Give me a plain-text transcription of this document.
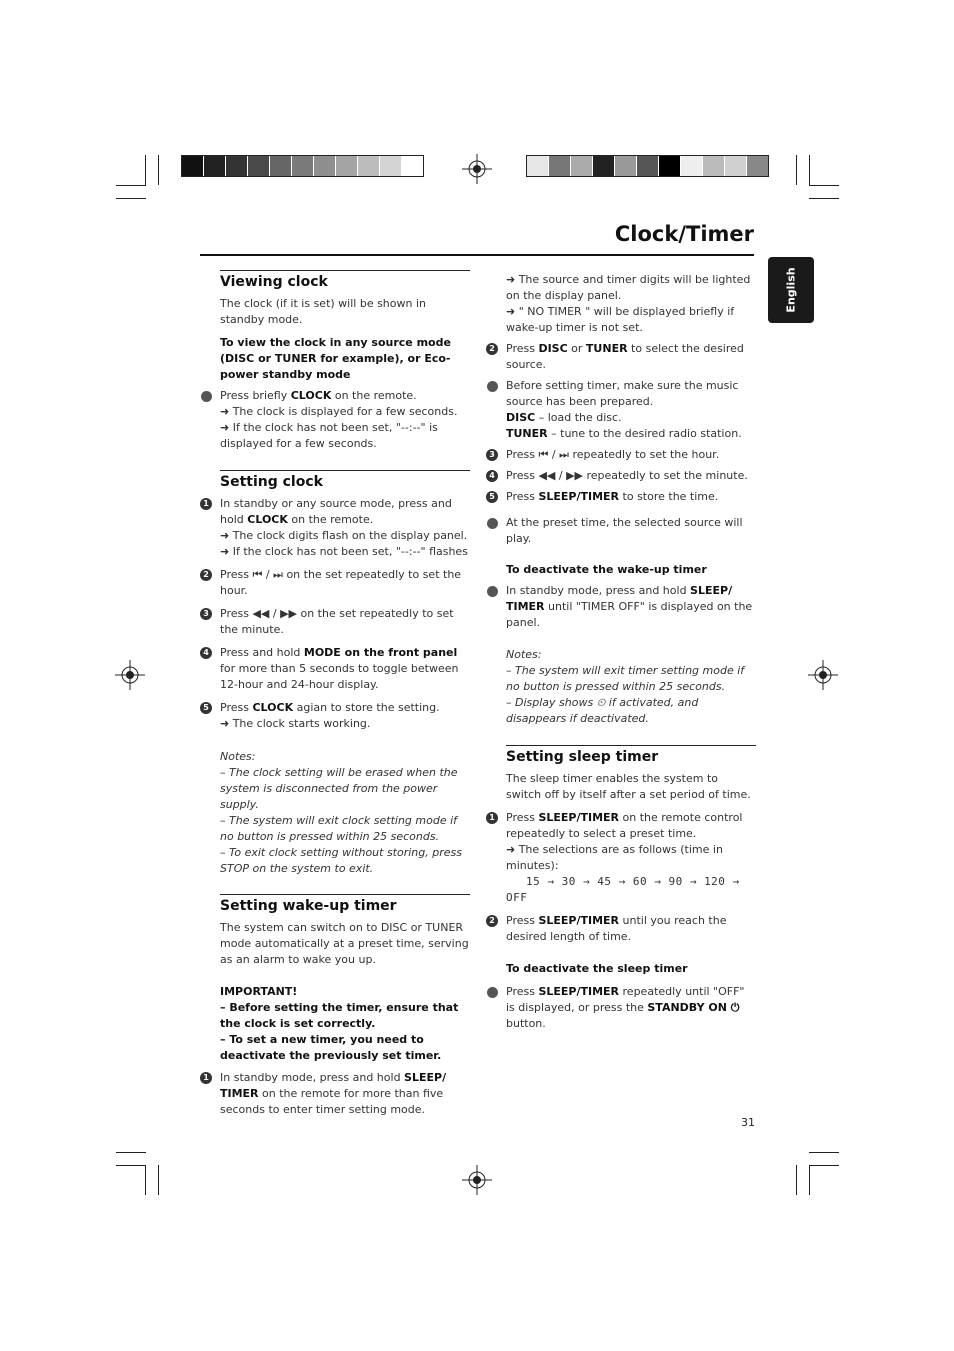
Clock/Timer
English
Viewing clock
The clock (if it is set) will be shown in standby mode.
To view the clock in any source mode (DISC or TUNER for example), or Eco-power standby mode
Press briefly CLOCK on the remote.
➜ The clock is displayed for a few seconds.
➜ If the clock has not been set, "--:--" is displayed for a few seconds.
Setting clock
1 In standby or any source mode, press and hold CLOCK on the remote.
➜ The clock digits flash on the display panel.
➜ If the clock has not been set, "--:--" flashes
2 Press ⏮ / ⏭ on the set repeatedly to set the hour.
3 Press ◀◀ / ▶▶ on the set repeatedly to set the minute.
4 Press and hold MODE on the front panel for more than 5 seconds to toggle between 12-hour and 24-hour display.
5 Press CLOCK agian to store the setting.
➜ The clock starts working.
Notes:
– The clock setting will be erased when the system is disconnected from the power supply.
– The system will exit clock setting mode if no button is pressed within 25 seconds.
– To exit clock setting without storing, press STOP on the system to exit.
Setting wake-up timer
The system can switch on to DISC or TUNER mode automatically at a preset time, serving as an alarm to wake you up.
IMPORTANT!
– Before setting the timer, ensure that the clock is set correctly.
– To set a new timer, you need to deactivate the previously set timer.
1 In standby mode, press and hold SLEEP/ TIMER on the remote for more than five seconds to enter timer setting mode.
➜ The source and timer digits will be lighted on the display panel.
➜ " NO TIMER " will be displayed briefly if wake-up timer is not set.
2 Press DISC or TUNER to select the desired source.
Before setting timer, make sure the music source has been prepared.
DISC – load the disc.
TUNER – tune to the desired radio station.
3 Press ⏮ / ⏭ repeatedly to set the hour.
4 Press ◀◀ / ▶▶ repeatedly to set the minute.
5 Press SLEEP/TIMER to store the time.
At the preset time, the selected source will play.
To deactivate the wake-up timer
In standby mode, press and hold SLEEP/ TIMER until "TIMER OFF" is displayed on the panel.
Notes:
– The system will exit timer setting mode if no button is pressed within 25 seconds.
– Display shows ⏲ if activated, and disappears if deactivated.
Setting sleep timer
The sleep timer enables the system to switch off by itself after a set period of time.
1 Press SLEEP/TIMER on the remote control repeatedly to select a preset time.
➜ The selections are as follows (time in minutes):
15 → 30 → 45 → 60 → 90 → 120 → OFF
2 Press SLEEP/TIMER until you reach the desired length of time.
To deactivate the sleep timer
Press SLEEP/TIMER repeatedly until "OFF" is displayed, or press the STANDBY ON ⏻ button.
31
